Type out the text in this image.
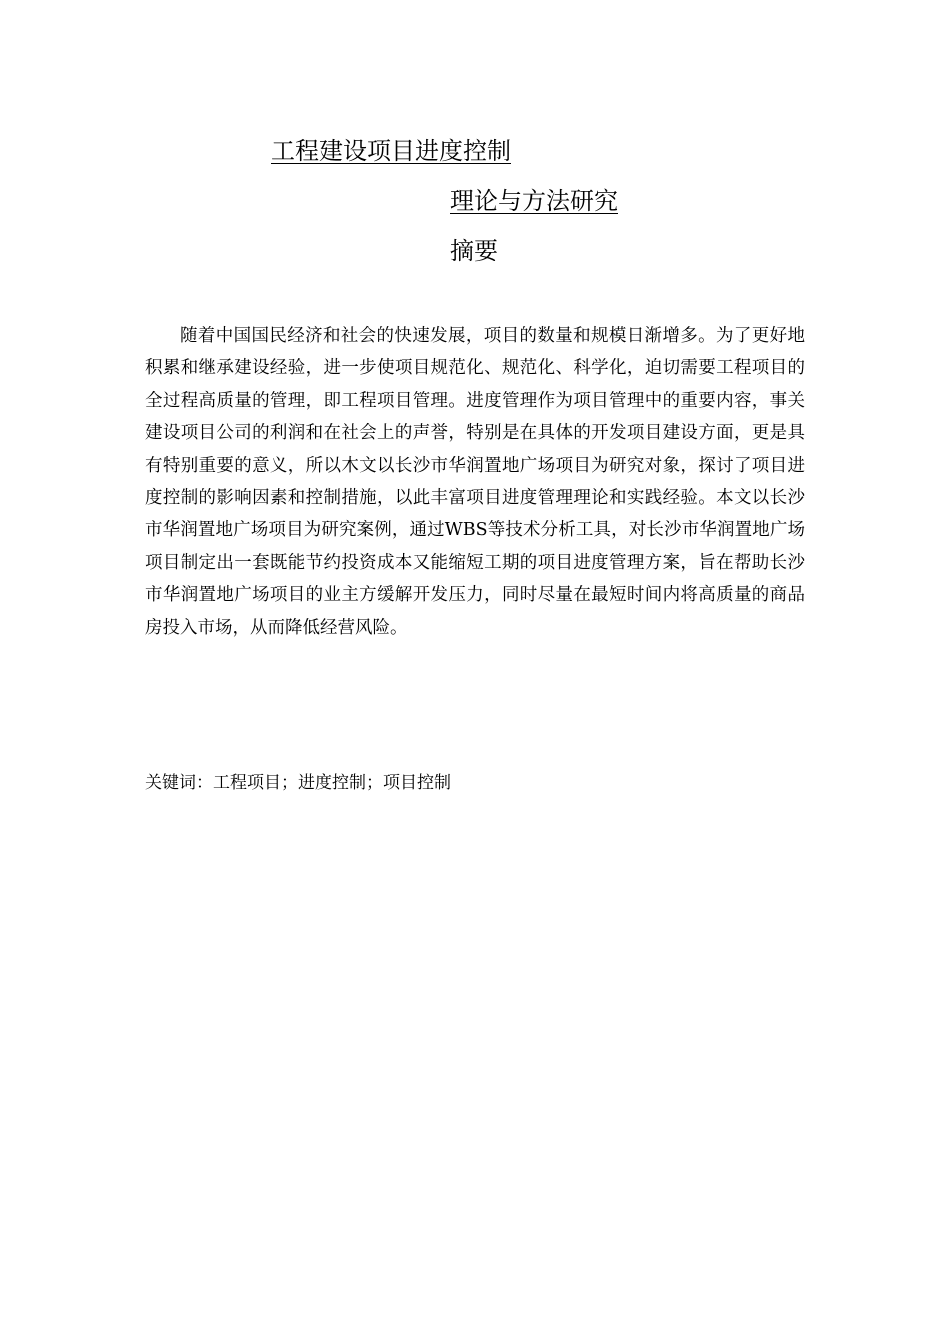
工程建设项目进度控制
理论与方法研究
摘要

随着中国国民经济和社会的快速发展，项目的数量和规模日渐增多。为了更好地积累和继承建设经验，进一步使项目规范化、规范化、科学化，迫切需要工程项目的全过程高质量的管理，即工程项目管理。进度管理作为项目管理中的重要内容，事关建设项目公司的利润和在社会上的声誉，特别是在具体的开发项目建设方面，更是具有特别重要的意义，所以木文以长沙市华润置地广场项目为研究对象，探讨了项目进度控制的影响因素和控制措施，以此丰富项目进度管理理论和实践经验。本文以长沙市华润置地广场项目为研究案例，通过WBS等技术分析工具，对长沙市华润置地广场项目制定出一套既能节约投资成本又能缩短工期的项目进度管理方案，旨在帮助长沙市华润置地广场项目的业主方缓解开发压力，同时尽量在最短时间内将高质量的商品房投入市场，从而降低经营风险。

关键词：工程项目；进度控制；项目控制
